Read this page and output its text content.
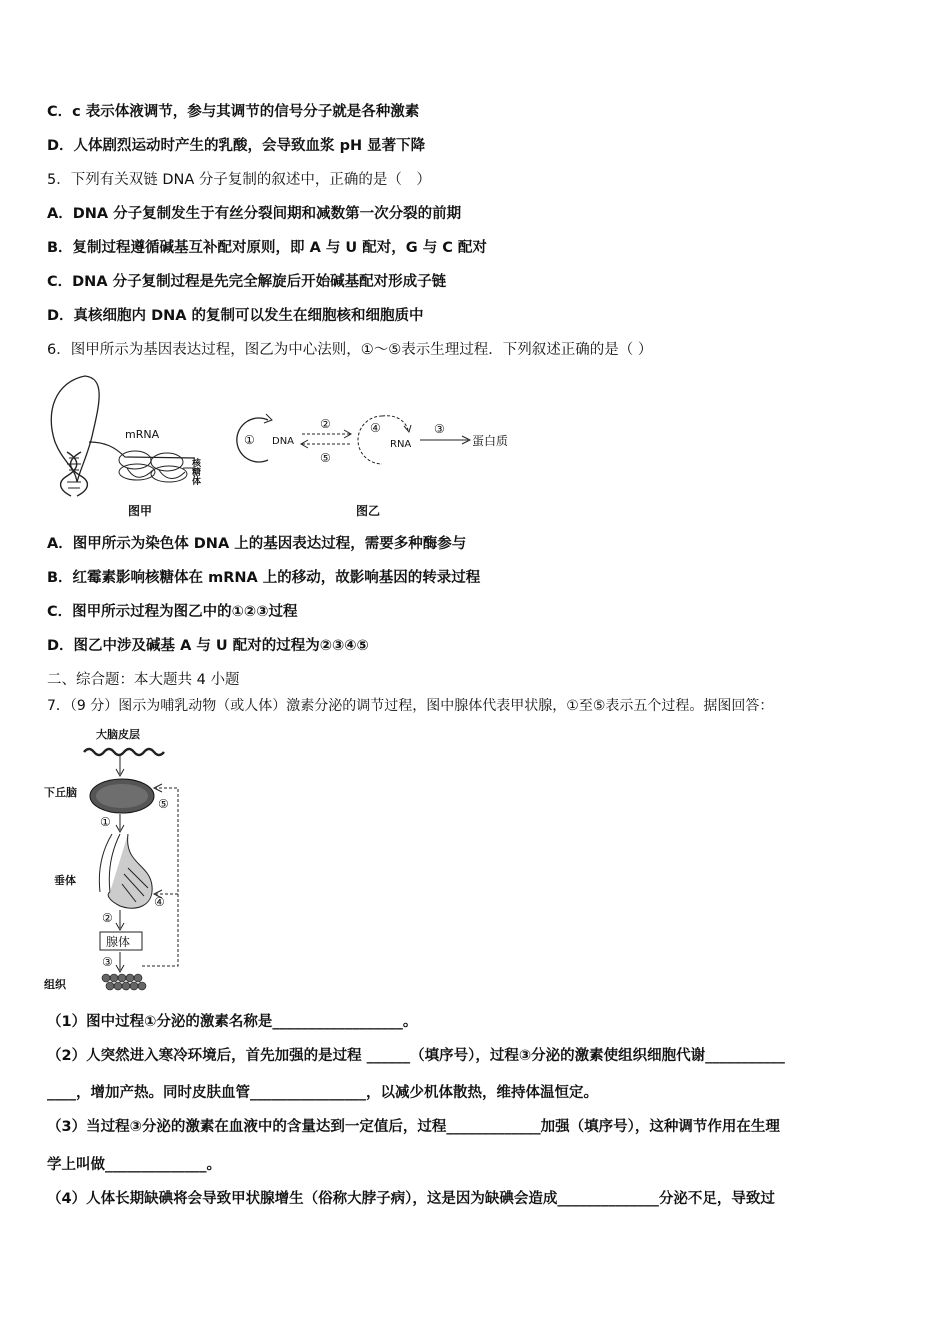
C．c 表示体液调节，参与其调节的信号分子就是各种激素
D．人体剧烈运动时产生的乳酸，会导致血浆 pH 显著下降
5．下列有关双链 DNA 分子复制的叙述中，正确的是（　）
A．DNA 分子复制发生于有丝分裂间期和减数第一次分裂的前期
B．复制过程遵循碱基互补配对原则，即 A 与 U 配对，G 与 C 配对
C．DNA 分子复制过程是先完全解旋后开始碱基配对形成子链
D．真核细胞内 DNA 的复制可以发生在细胞核和细胞质中
6．图甲所示为基因表达过程，图乙为中心法则，①～⑤表示生理过程．下列叙述正确的是（ ）
mRNA
核糖体
图甲
① DNA
②
⑤
④
RNA
③
蛋白质
图乙
A．图甲所示为染色体 DNA 上的基因表达过程，需要多种酶参与
B．红霉素影响核糖体在 mRNA 上的移动，故影响基因的转录过程
C．图甲所示过程为图乙中的①②③过程
D．图乙中涉及碱基 A 与 U 配对的过程为②③④⑤
二、综合题：本大题共 4 小题
7．（9 分）图示为哺乳动物（或人体）激素分泌的调节过程，图中腺体代表甲状腺，①至⑤表示五个过程。据图回答：
大脑皮层
下丘脑
①
垂体
②
腺体
③
组织
⑤
④
（1）图中过程①分泌的激素名称是__________________。
（2）人突然进入寒冷环境后，首先加强的是过程 ______（填序号），过程③分泌的激素使组织细胞代谢___________
____，增加产热。同时皮肤血管________________，以减少机体散热，维持体温恒定。
（3）当过程③分泌的激素在血液中的含量达到一定值后，过程_____________加强（填序号），这种调节作用在生理
学上叫做______________。
（4）人体长期缺碘将会导致甲状腺增生（俗称大脖子病），这是因为缺碘会造成______________分泌不足，导致过
